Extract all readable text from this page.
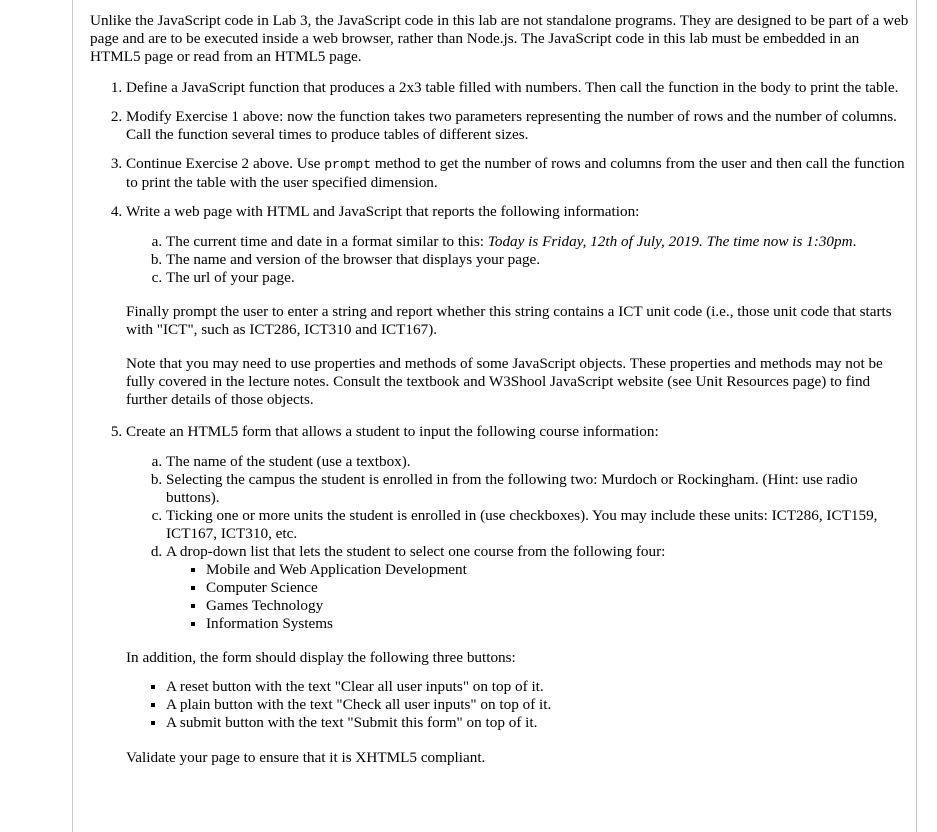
Unlike the JavaScript code in Lab 3, the JavaScript code in this lab are not standalone programs. They are designed to be part of a web page and are to be executed inside a web browser, rather than Node.js. The JavaScript code in this lab must be embedded in an HTML5 page or read from an HTML5 page.

1. Define a JavaScript function that produces a 2x3 table filled with numbers. Then call the function in the body to print the table.
2. Modify Exercise 1 above: now the function takes two parameters representing the number of rows and the number of columns. Call the function several times to produce tables of different sizes.
3. Continue Exercise 2 above. Use prompt method to get the number of rows and columns from the user and then call the function to print the table with the user specified dimension.
4. Write a web page with HTML and JavaScript that reports the following information:
a. The current time and date in a format similar to this: Today is Friday, 12th of July, 2019. The time now is 1:30pm.
b. The name and version of the browser that displays your page.
c. The url of your page.

Finally prompt the user to enter a string and report whether this string contains a ICT unit code (i.e., those unit code that starts with "ICT", such as ICT286, ICT310 and ICT167).

Note that you may need to use properties and methods of some JavaScript objects. These properties and methods may not be fully covered in the lecture notes. Consult the textbook and W3Shool JavaScript website (see Unit Resources page) to find further details of those objects.

5. Create an HTML5 form that allows a student to input the following course information:
a. The name of the student (use a textbox).
b. Selecting the campus the student is enrolled in from the following two: Murdoch or Rockingham. (Hint: use radio buttons).
c. Ticking one or more units the student is enrolled in (use checkboxes). You may include these units: ICT286, ICT159, ICT167, ICT310, etc.
d. A drop-down list that lets the student to select one course from the following four:
▪ Mobile and Web Application Development
▪ Computer Science
▪ Games Technology
▪ Information Systems

In addition, the form should display the following three buttons:

▪ A reset button with the text "Clear all user inputs" on top of it.
▪ A plain button with the text "Check all user inputs" on top of it.
▪ A submit button with the text "Submit this form" on top of it.

Validate your page to ensure that it is XHTML5 compliant.
